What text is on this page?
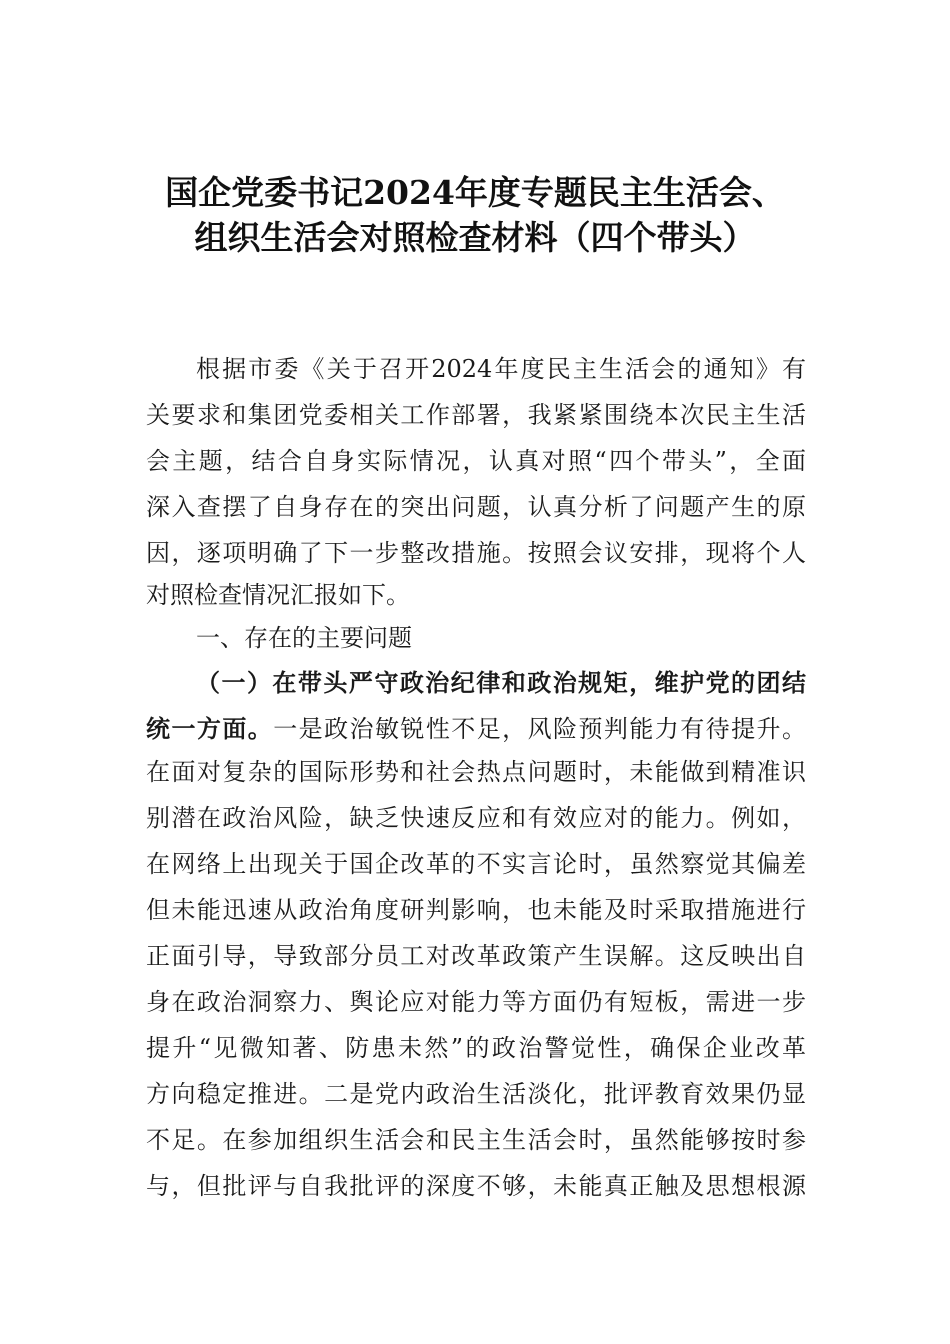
国企党委书记2024年度专题民主生活会、
组织生活会对照检查材料（四个带头）
根据市委《关于召开2024年度民主生活会的通知》有
关要求和集团党委相关工作部署，我紧紧围绕本次民主生活
会主题，结合自身实际情况，认真对照“四个带头”，全面
深入查摆了自身存在的突出问题，认真分析了问题产生的原
因，逐项明确了下一步整改措施。按照会议安排，现将个人
对照检查情况汇报如下。
一、存在的主要问题
（一）在带头严守政治纪律和政治规矩，维护党的团结
统一方面。一是政治敏锐性不足，风险预判能力有待提升。
在面对复杂的国际形势和社会热点问题时，未能做到精准识
别潜在政治风险，缺乏快速反应和有效应对的能力。例如，
在网络上出现关于国企改革的不实言论时，虽然察觉其偏差
但未能迅速从政治角度研判影响，也未能及时采取措施进行
正面引导，导致部分员工对改革政策产生误解。这反映出自
身在政治洞察力、舆论应对能力等方面仍有短板，需进一步
提升“见微知著、防患未然”的政治警觉性，确保企业改革
方向稳定推进。二是党内政治生活淡化，批评教育效果仍显
不足。在参加组织生活会和民主生活会时，虽然能够按时参
与，但批评与自我批评的深度不够，未能真正触及思想根源
